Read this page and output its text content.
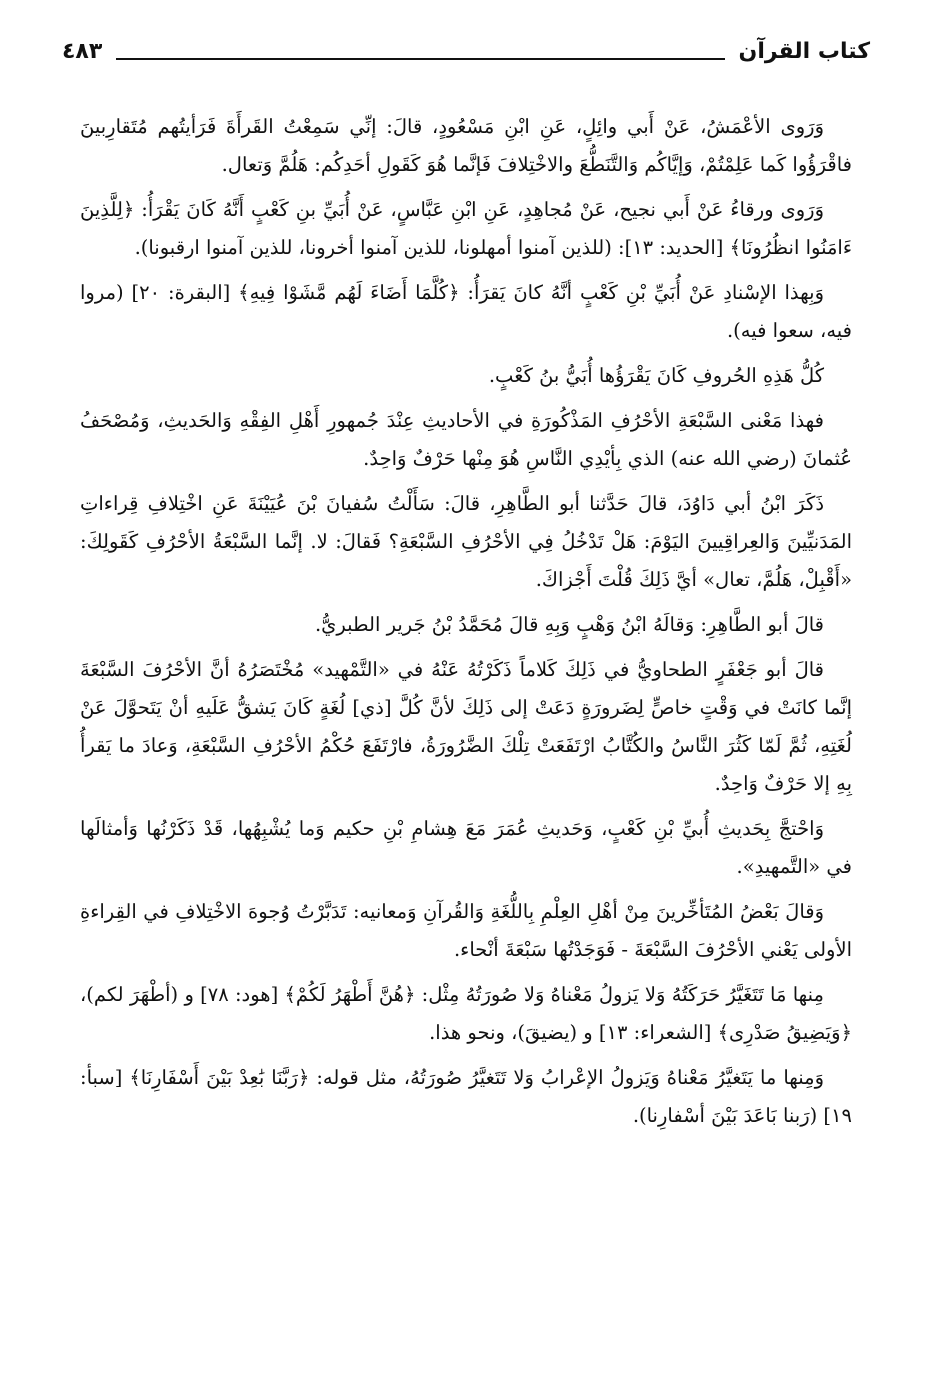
كتاب القرآن
٤٨٣

وَرَوى الأعْمَشُ، عَنْ أَبي وائِلٍ، عَنِ ابْنِ مَسْعُودٍ، قالَ: إنِّي سَمِعْتُ القَرأَةَ فَرَأيتُهم مُتَقارِبينَ فاقْرَؤُوا كَما عَلِمْتُمْ، وَإيَّاكُم وَالتَّنَطُّعَ والاخْتِلافَ فَإنَّما هُوَ كَقَولِ أحَدِكُم: هَلُمَّ وَتعال.

وَرَوى ورقاءُ عَنْ أَبي نجيح، عَنْ مُجاهِدٍ، عَنِ ابْنِ عَبَّاسٍ، عَنْ أُبَيِّ بنِ كَعْبٍ أَنَّهُ كَانَ يَقْرَأُ: ﴿لِلَّذِينَ ءَامَنُوا انظُرُونَا﴾ [الحديد: ١٣]: (للذين آمنوا أمهلونا، للذين آمنوا أخرونا، للذين آمنوا ارقبونا).

وَبِهذا الإسْنادِ عَنْ أُبَيِّ بْنِ كَعْبٍ أنَّهُ كانَ يَقرَأُ: ﴿كُلَّمَا أَضَاءَ لَهُم مَّشَوْا فِيهِ﴾ [البقرة: ٢٠] (مروا فيه، سعوا فيه).

كُلُّ هَذِهِ الحُروفِ كَانَ يَقْرَؤُها أُبَيُّ بنُ كَعْبٍ.

فهذا مَعْنى السَّبْعَةِ الأحْرُفِ المَذْكُورَةِ في الأحاديثِ عِنْدَ جُمهورِ أَهْلِ الفِقْهِ وَالحَديثِ، وَمُصْحَفُ عُثمانَ (رضي الله عنه) الذي بِأيْدِي النَّاسِ هُوَ مِنْها حَرْفٌ وَاحِدٌ.

ذَكَرَ ابْنُ أبي دَاوُدَ، قالَ حَدَّثنا أبو الطَّاهِرِ، قالَ: سَأَلْتُ سُفيانَ بْنَ عُيَيْنَةَ عَنِ اخْتِلافِ قِراءاتِ المَدَنيِّينَ وَالعِراقِيينَ اليَوْمَ: هَلْ تَدْخُلُ فِي الأحْرُفِ السَّبْعَةِ؟ فَقالَ: لا. إنَّما السَّبْعَةُ الأحْرُفِ كَقَولِكَ: «أَقْبِلْ، هَلُمَّ، تعال» أيَّ ذَلِكَ قُلْتَ أَجْزاكَ.

قالَ أبو الطَّاهِرِ: وَقالَهُ ابْنُ وَهْبٍ وَبِهِ قالَ مُحَمَّدُ بْنُ جَرير الطبريُّ.

قالَ أبو جَعْفَرٍ الطحاويُّ في ذَلِكَ كَلاماً ذَكَرْتُهُ عَنْهُ في «التَّمْهيد» مُخْتَصَرُهُ أنَّ الأحْرُفَ السَّبْعَةَ إنَّما كانَتْ في وَقْتٍ خاصٍّ لِضَرورَةٍ دَعَتْ إلى ذَلِكَ لأنَّ كُلَّ [ذي] لُغَةٍ كَانَ يَشقُّ عَلَيهِ أنْ يَتَحوَّلَ عَنْ لُغَتِهِ، ثُمَّ لَمّا كَثُرَ النَّاسُ والكُتَّابُ ارْتَفَعَتْ تِلْكَ الضَّرُورَةُ، فارْتَفَعَ حُكْمُ الأحْرُفِ السَّبْعَةِ، وَعادَ ما يَقرأُ بِهِ إلا حَرْفٌ وَاحِدٌ.

وَاحْتجَّ بِحَديثِ أُبيِّ بْنِ كَعْبٍ، وَحَديثِ عُمَرَ مَعَ هِشامِ بْنِ حكيم وَما يُشْبِهُها، قَدْ ذَكَرْنُها وَأمثالَها في «التَّمهيدِ».

وَقالَ بَعْضُ المُتَأخِّرينَ مِنْ أهْلِ العِلْمِ بِاللُّغَةِ وَالقُرآنِ وَمعانيه: تَدَبَّرْتُ وُجوهَ الاخْتِلافِ في القِراءةِ الأولى يَعْني الأحْرُفَ السَّبْعَةَ - فَوَجَدْتُها سَبْعَةَ أنْحاء.

مِنها مَا تَتَغَيَّرُ حَرَكَتُهُ وَلا يَزولُ مَعْناهُ وَلا صُورَتُهُ مِثْل: ﴿هُنَّ أَطْهَرُ لَكُمْ﴾ [هود: ٧٨] و (أطْهَرَ لكم)، ﴿وَيَضِيقُ صَدْرِى﴾ [الشعراء: ١٣] و (يضيقَ)، ونحو هذا.

وَمِنها ما يَتَغيَّرُ مَعْناهُ وَيَزولُ الإعْرابُ وَلا تَتَغيَّرُ صُورَتُهُ، مثل قوله: ﴿رَبَّنَا بَٰعِدْ بَيْنَ أَسْفَارِنَا﴾ [سبأ: ١٩] (رَبنا بَاعَدَ بَيْنَ أسْفارِنا).
